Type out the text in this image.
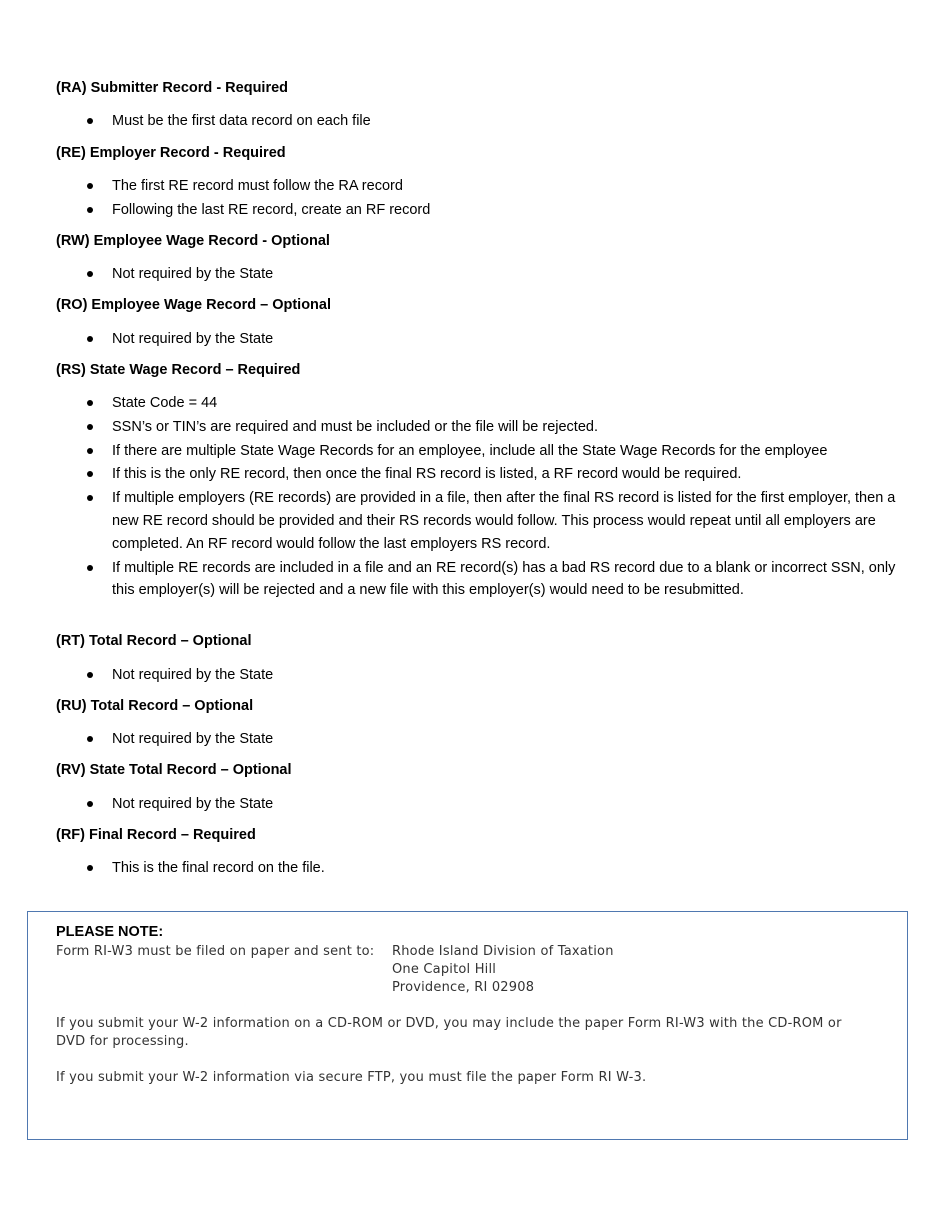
(RA) Submitter Record - Required
Must be the first data record on each file
(RE) Employer Record - Required
The first RE record must follow the RA record
Following the last RE record, create an RF record
(RW) Employee Wage Record - Optional
Not required by the State
(RO) Employee Wage Record – Optional
Not required by the State
(RS) State Wage Record – Required
State Code = 44
SSN’s or TIN’s are required and must be included or the file will be rejected.
If there are multiple State Wage Records for an employee, include all the State Wage Records for the employee
If this is the only RE record, then once the final RS record is listed, a RF record would be required.
If multiple employers (RE records) are provided in a file, then after the final RS record is listed for the first employer, then a new RE record should be provided and their RS records would follow. This process would repeat until all employers are completed. An RF record would follow the last employers RS record.
If multiple RE records are included in a file and an RE record(s) has a bad RS record due to a blank or incorrect SSN, only this employer(s) will be rejected and a new file with this employer(s) would need to be resubmitted.
(RT) Total Record – Optional
Not required by the State
(RU) Total Record – Optional
Not required by the State
(RV) State Total Record – Optional
Not required by the State
(RF) Final Record – Required
This is the final record on the file.
PLEASE NOTE:
Form RI-W3 must be filed on paper and sent to: Rhode Island Division of Taxation
One Capitol Hill
Providence, RI 02908
If you submit your W-2 information on a CD-ROM or DVD, you may include the paper Form RI-W3 with the CD-ROM or DVD for processing.
If you submit your W-2 information via secure FTP, you must file the paper Form RI W-3.
